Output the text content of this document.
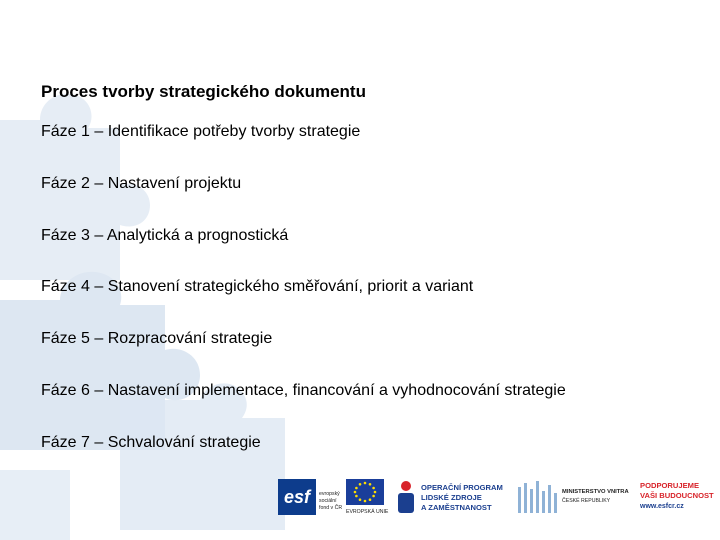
Proces tvorby strategického dokumentu
Fáze 1 – Identifikace potřeby tvorby strategie
Fáze 2 – Nastavení projektu
Fáze 3 – Analytická a prognostická
Fáze 4 – Stanovení strategického směřování, priorit a variant
Fáze 5 – Rozpracování strategie
Fáze 6 – Nastavení implementace, financování a vyhodnocování strategie
Fáze 7 – Schvalování strategie
esf	evropský
sociální
fond v ČR
EVROPSKÁ UNIE
OPERAČNÍ PROGRAM
LIDSKÉ ZDROJE
A ZAMĚSTNANOST
MINISTERSTVO VNITRA
ČESKÉ REPUBLIKY
PODPORUJEME
VAŠI BUDOUCNOST
www.esfcr.cz
